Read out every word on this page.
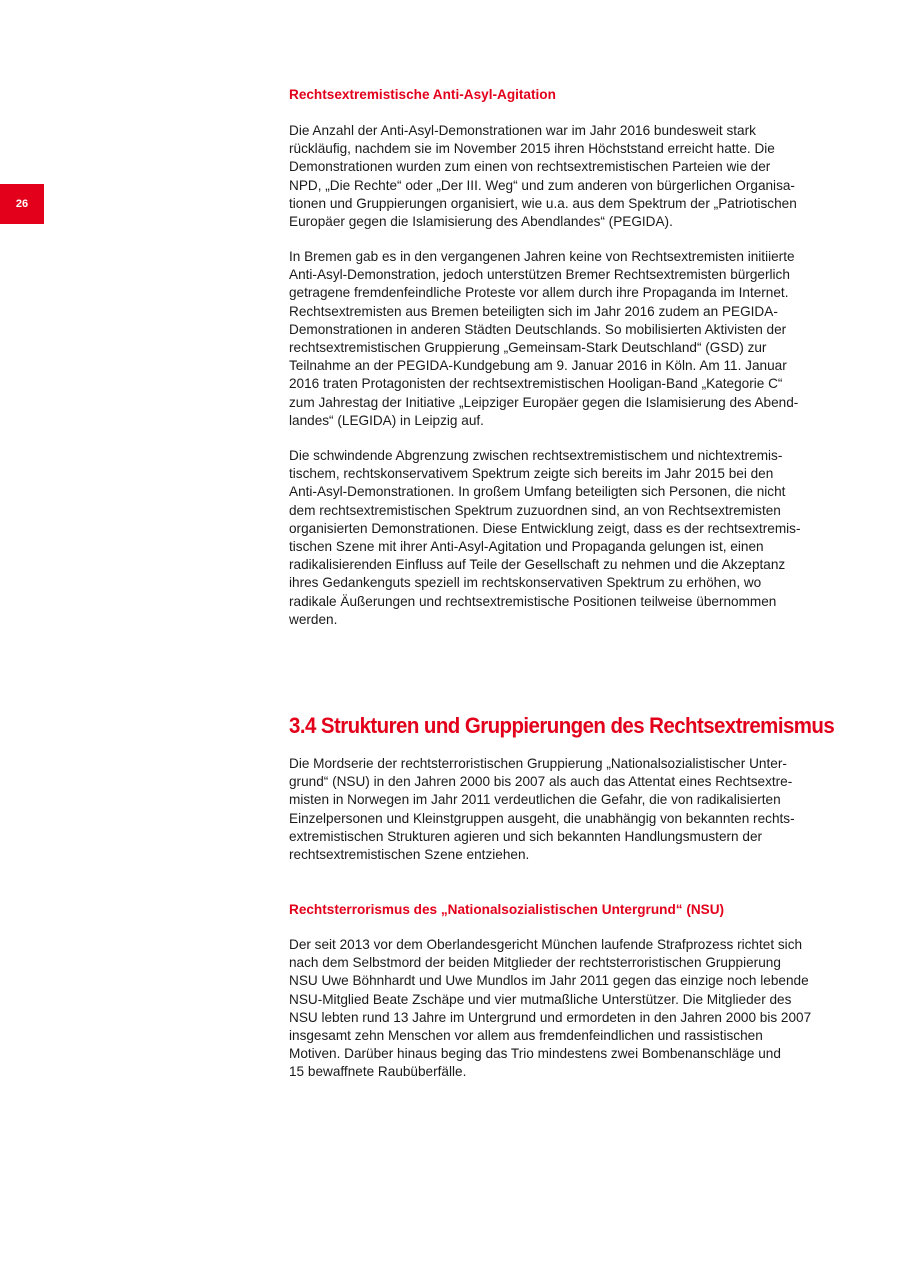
26

Rechtsextremistische Anti-Asyl-Agitation

Die Anzahl der Anti-Asyl-Demonstrationen war im Jahr 2016 bundesweit stark
rückläufig, nachdem sie im November 2015 ihren Höchststand erreicht hatte. Die
Demonstrationen wurden zum einen von rechtsextremistischen Parteien wie der
NPD, „Die Rechte“ oder „Der III. Weg“ und zum anderen von bürgerlichen Organisa-
tionen und Gruppierungen organisiert, wie u.a. aus dem Spektrum der „Patriotischen
Europäer gegen die Islamisierung des Abendlandes“ (PEGIDA).
In Bremen gab es in den vergangenen Jahren keine von Rechtsextremisten initiierte
Anti-Asyl-Demonstration, jedoch unterstützen Bremer Rechtsextremisten bürgerlich
getragene fremdenfeindliche Proteste vor allem durch ihre Propaganda im Internet.
Rechtsextremisten aus Bremen beteiligten sich im Jahr 2016 zudem an PEGIDA-
Demonstrationen in anderen Städten Deutschlands. So mobilisierten Aktivisten der
rechtsextremistischen Gruppierung „Gemeinsam-Stark Deutschland“ (GSD) zur
Teilnahme an der PEGIDA-Kundgebung am 9. Januar 2016 in Köln. Am 11. Januar
2016 traten Protagonisten der rechtsextremistischen Hooligan-Band „Kategorie C“
zum Jahrestag der Initiative „Leipziger Europäer gegen die Islamisierung des Abend-
landes“ (LEGIDA) in Leipzig auf.
Die schwindende Abgrenzung zwischen rechtsextremistischem und nichtextremis-
tischem, rechtskonservativem Spektrum zeigte sich bereits im Jahr 2015 bei den
Anti-Asyl-Demonstrationen. In großem Umfang beteiligten sich Personen, die nicht
dem rechtsextremistischen Spektrum zuzuordnen sind, an von Rechtsextremisten
organisierten Demonstrationen. Diese Entwicklung zeigt, dass es der rechtsextremis-
tischen Szene mit ihrer Anti-Asyl-Agitation und Propaganda gelungen ist, einen
radikalisierenden Einfluss auf Teile der Gesellschaft zu nehmen und die Akzeptanz
ihres Gedankenguts speziell im rechtskonservativen Spektrum zu erhöhen, wo
radikale Äußerungen und rechtsextremistische Positionen teilweise übernommen
werden.
3.4 Strukturen und Gruppierungen des Rechtsextremismus
Die Mordserie der rechtsterroristischen Gruppierung „Nationalsozialistischer Unter-
grund“ (NSU) in den Jahren 2000 bis 2007 als auch das Attentat eines Rechtsextre-
misten in Norwegen im Jahr 2011 verdeutlichen die Gefahr, die von radikalisierten
Einzelpersonen und Kleinstgruppen ausgeht, die unabhängig von bekannten rechts-
extremistischen Strukturen agieren und sich bekannten Handlungsmustern der
rechtsextremistischen Szene entziehen.

Rechtsterrorismus des „Nationalsozialistischen Untergrund“ (NSU)

Der seit 2013 vor dem Oberlandesgericht München laufende Strafprozess richtet sich
nach dem Selbstmord der beiden Mitglieder der rechtsterroristischen Gruppierung
NSU Uwe Böhnhardt und Uwe Mundlos im Jahr 2011 gegen das einzige noch lebende
NSU-Mitglied Beate Zschäpe und vier mutmaßliche Unterstützer. Die Mitglieder des
NSU lebten rund 13 Jahre im Untergrund und ermordeten in den Jahren 2000 bis 2007
insgesamt zehn Menschen vor allem aus fremdenfeindlichen und rassistischen
Motiven. Darüber hinaus beging das Trio mindestens zwei Bombenanschläge und
15 bewaffnete Raubüberfälle.
